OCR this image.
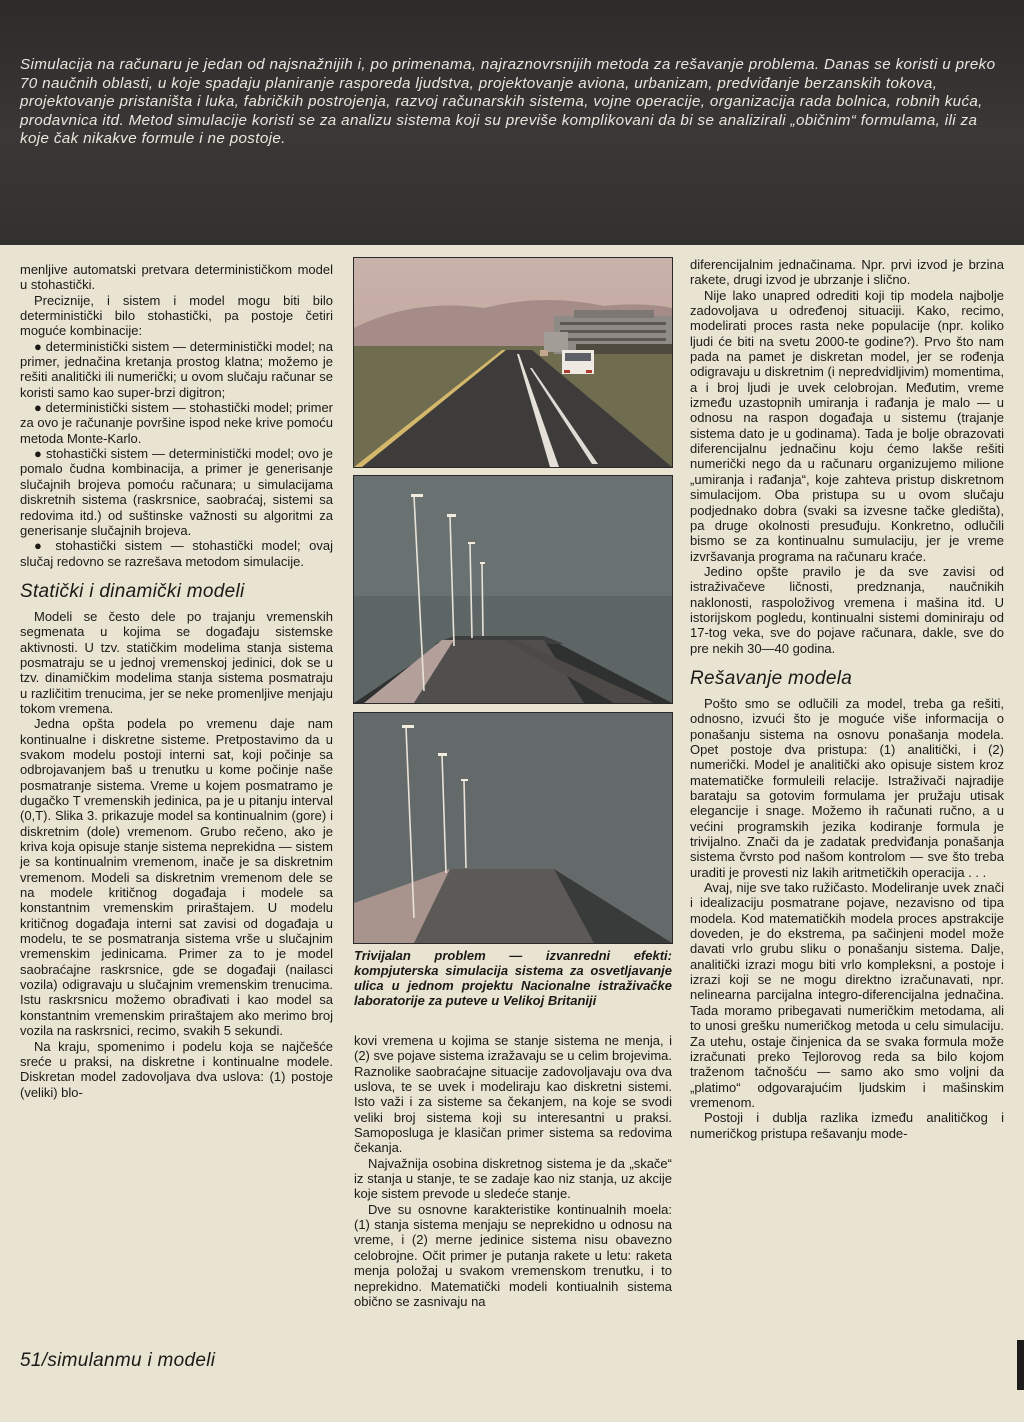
Simulacija na računaru je jedan od najsnažnijih i, po primenama, najraznovrsnijih metoda za rešavanje problema. Danas se koristi u preko 70 naučnih oblasti, u koje spadaju planiranje rasporeda ljudstva, projektovanje aviona, urbanizam, predviđanje berzanskih tokova, projektovanje pristaništa i luka, fabričkih postrojenja, razvoj računarskih sistema, vojne operacije, organizacija rada bolnica, robnih kuća, prodavnica itd. Metod simulacije koristi se za analizu sistema koji su previše komplikovani da bi se analizirali „običnim“ formulama, ili za koje čak nikakve formule i ne postoje.

menljive automatski pretvara determinističkom model u stohastički.

Preciznije, i sistem i model mogu biti bilo deterministički bilo stohastički, pa postoje četiri moguće kombinacije:

● deterministički sistem — deterministički model; na primer, jednačina kretanja prostog klatna; možemo je rešiti analitički ili numerički; u ovom slučaju računar se koristi samo kao super-brzi digitron;

● deterministički sistem — stohastički model; primer za ovo je računanje površine ispod neke krive pomoću metoda Monte-Karlo.

● stohastički sistem — deterministički model; ovo je pomalo čudna kombinacija, a primer je generisanje slučajnih brojeva pomoću računara; u simulacijama diskretnih sistema (raskrsnice, saobraćaj, sistemi sa redovima itd.) od suštinske važnosti su algoritmi za generisanje slučajnih brojeva.

● stohastički sistem — stohastički model; ovaj slučaj redovno se razrešava metodom simulacije.

Statički i dinamički modeli

Modeli se često dele po trajanju vremenskih segmenata u kojima se događaju sistemske aktivnosti. U tzv. statičkim modelima stanja sistema posmatraju se u jednoj vremenskoj jedinici, dok se u tzv. dinamičkim modelima stanja sistema posmatraju u različitim trenucima, jer se neke promenljive menjaju tokom vremena.

Jedna opšta podela po vremenu daje nam kontinualne i diskretne sisteme. Pretpostavimo da u svakom modelu postoji interni sat, koji počinje sa odbrojavanjem baš u trenutku u kome počinje naše posmatranje sistema. Vreme u kojem posmatramo je dugačko T vremenskih jedinica, pa je u pitanju interval (0,T). Slika 3. prikazuje model sa kontinualnim (gore) i diskretnim (dole) vremenom. Grubo rečeno, ako je kriva koja opisuje stanje sistema neprekidna — sistem je sa kontinualnim vremenom, inače je sa diskretnim vremenom. Modeli sa diskretnim vremenom dele se na modele kritičnog događaja i modele sa konstantnim vremenskim priraštajem. U modelu kritičnog događaja interni sat zavisi od događaja u modelu, te se posmatranja sistema vrše u slučajnim vremenskim jedinicama. Primer za to je model saobraćajne raskrsnice, gde se događaji (nailasci vozila) odigravaju u slučajnim vremenskim trenucima. Istu raskrsnicu možemo obrađivati i kao model sa konstantnim vremenskim priraštajem ako merimo broj vozila na raskrsnici, recimo, svakih 5 sekundi.

Na kraju, spomenimo i podelu koja se najčešće sreće u praksi, na diskretne i kontinualne modele. Diskretan model zadovoljava dva uslova: (1) postoje (veliki) blo-

Trivijalan problem — izvanredni efekti: kompjuterska simulacija sistema za osvetljavanje ulica u jednom projektu Nacionalne istraživačke laboratorije za puteve u Velikoj Britaniji

kovi vremena u kojima se stanje sistema ne menja, i (2) sve pojave sistema izražavaju se u celim brojevima. Raznolike saobraćajne situacije zadovoljavaju ova dva uslova, te se uvek i modeliraju kao diskretni sistemi. Isto važi i za sisteme sa čekanjem, na koje se svodi veliki broj sistema koji su interesantni u praksi. Samoposluga je klasičan primer sistema sa redovima čekanja.

Najvažnija osobina diskretnog sistema je da „skače“ iz stanja u stanje, te se zadaje kao niz stanja, uz akcije koje sistem prevode u sledeće stanje.

Dve su osnovne karakteristike kontinualnih moela: (1) stanja sistema menjaju se neprekidno u odnosu na vreme, i (2) merne jedinice sistema nisu obavezno celobrojne. Očit primer je putanja rakete u letu: raketa menja položaj u svakom vremenskom trenutku, i to neprekidno. Matematički modeli kontiualnih sistema obično se zasnivaju na

diferencijalnim jednačinama. Npr. prvi izvod je brzina rakete, drugi izvod je ubrzanje i slično.

Nije lako unapred odrediti koji tip modela najbolje zadovoljava u određenoj situaciji. Kako, recimo, modelirati proces rasta neke populacije (npr. koliko ljudi će biti na svetu 2000-te godine?). Prvo što nam pada na pamet je diskretan model, jer se rođenja odigravaju u diskretnim (i nepredvidljivim) momentima, a i broj ljudi je uvek celobrojan. Međutim, vreme između uzastopnih umiranja i rađanja je malo — u odnosu na raspon događaja u sistemu (trajanje sistema dato je u godinama). Tada je bolje obrazovati diferencijalnu jednačinu koju ćemo lakše rešiti numerički nego da u računaru organizujemo milione „umiranja i rađanja“, koje zahteva pristup diskretnom simulacijom. Oba pristupa su u ovom slučaju podjednako dobra (svaki sa izvesne tačke gledišta), pa druge okolnosti presuđuju. Konkretno, odlučili bismo se za kontinualnu sumulaciju, jer je vreme izvršavanja programa na računaru kraće.

Jedino opšte pravilo je da sve zavisi od istraživačeve ličnosti, predznanja, naučnikih naklonosti, raspoloživog vremena i mašina itd. U istorijskom pogledu, kontinualni sistemi dominiraju od 17-tog veka, sve do pojave računara, dakle, sve do pre nekih 30—40 godina.

Rešavanje modela

Pošto smo se odlučili za model, treba ga rešiti, odnosno, izvući što je moguće više informacija o ponašanju sistema na osnovu ponašanja modela. Opet postoje dva pristupa: (1) analitički, i (2) numerički. Model je analitički ako opisuje sistem kroz matematičke formuleili relacije. Istraživači najradije barataju sa gotovim formulama jer pružaju utisak elegancije i snage. Možemo ih računati ručno, a u većini programskih jezika kodiranje formula je trivijalno. Znači da je zadatak predviđanja ponašanja sistema čvrsto pod našom kontrolom — sve što treba uraditi je provesti niz lakih aritmetičkih operacija . . .

Avaj, nije sve tako ružičasto. Modeliranje uvek znači i idealizaciju posmatrane pojave, nezavisno od tipa modela. Kod matematičkih modela proces apstrakcije doveden, je do ekstrema, pa sačinjeni model može davati vrlo grubu sliku o ponašanju sistema. Dalje, analitički izrazi mogu biti vrlo kompleksni, a postoje i izrazi koji se ne mogu direktno izračunavati, npr. nelinearna parcijalna integro-diferencijalna jednačina. Tada moramo pribegavati numeričkim metodama, ali to unosi grešku numeričkog metoda u celu simulaciju. Za utehu, ostaje činjenica da se svaka formula može izračunati preko Tejlorovog reda sa bilo kojom traženom tačnošću — samo ako smo voljni da „platimo“ odgovarajućim ljudskim i mašinskim vremenom.

Postoji i dublja razlika između analitičkog i numeričkog pristupa rešavanju mode-

51/simulanти i modeli
